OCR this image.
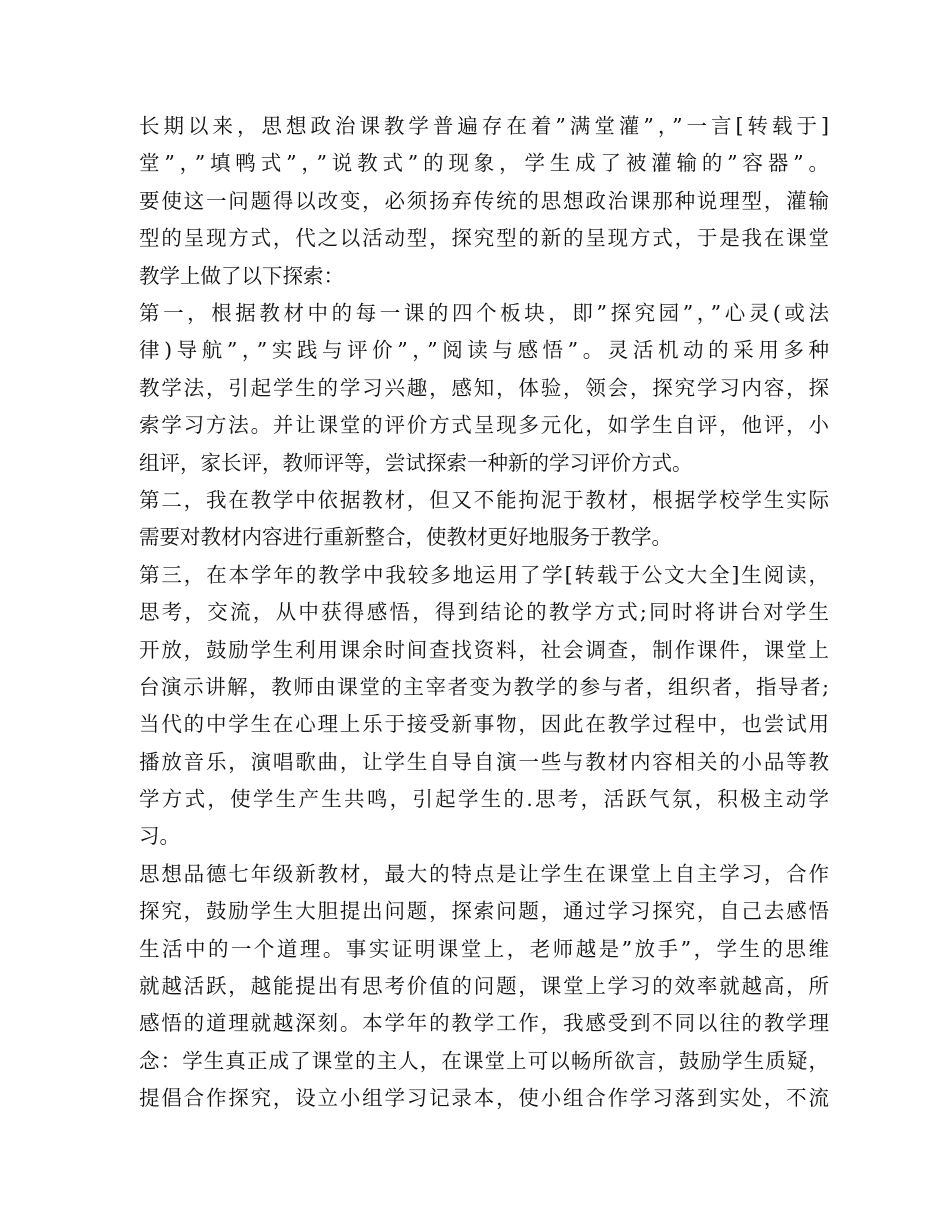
长期以来，思想政治课教学普遍存在着”满堂灌”，”一言[转载于]
堂”，”填鸭式”，”说教式”的现象，学生成了被灌输的”容器”。
要使这一问题得以改变，必须扬弃传统的思想政治课那种说理型，灌输
型的呈现方式，代之以活动型，探究型的新的呈现方式，于是我在课堂
教学上做了以下探索：
第一，根据教材中的每一课的四个板块，即”探究园”，”心灵(或法
律)导航”，”实践与评价”，”阅读与感悟”。灵活机动的采用多种
教学法，引起学生的学习兴趣，感知，体验，领会，探究学习内容，探
索学习方法。并让课堂的评价方式呈现多元化，如学生自评，他评，小
组评，家长评，教师评等，尝试探索一种新的学习评价方式。
第二，我在教学中依据教材，但又不能拘泥于教材，根据学校学生实际
需要对教材内容进行重新整合，使教材更好地服务于教学。
第三，在本学年的教学中我较多地运用了学[转载于公文大全]生阅读，
思考，交流，从中获得感悟，得到结论的教学方式;同时将讲台对学生
开放，鼓励学生利用课余时间查找资料，社会调查，制作课件，课堂上
台演示讲解，教师由课堂的主宰者变为教学的参与者，组织者，指导者;
当代的中学生在心理上乐于接受新事物，因此在教学过程中，也尝试用
播放音乐，演唱歌曲，让学生自导自演一些与教材内容相关的小品等教
学方式，使学生产生共鸣，引起学生的.思考，活跃气氛，积极主动学
习。
思想品德七年级新教材，最大的特点是让学生在课堂上自主学习，合作
探究，鼓励学生大胆提出问题，探索问题，通过学习探究，自己去感悟
生活中的一个道理。事实证明课堂上，老师越是”放手”，学生的思维
就越活跃，越能提出有思考价值的问题，课堂上学习的效率就越高，所
感悟的道理就越深刻。本学年的教学工作，我感受到不同以往的教学理
念：学生真正成了课堂的主人，在课堂上可以畅所欲言，鼓励学生质疑，
提倡合作探究，设立小组学习记录本，使小组合作学习落到实处，不流
